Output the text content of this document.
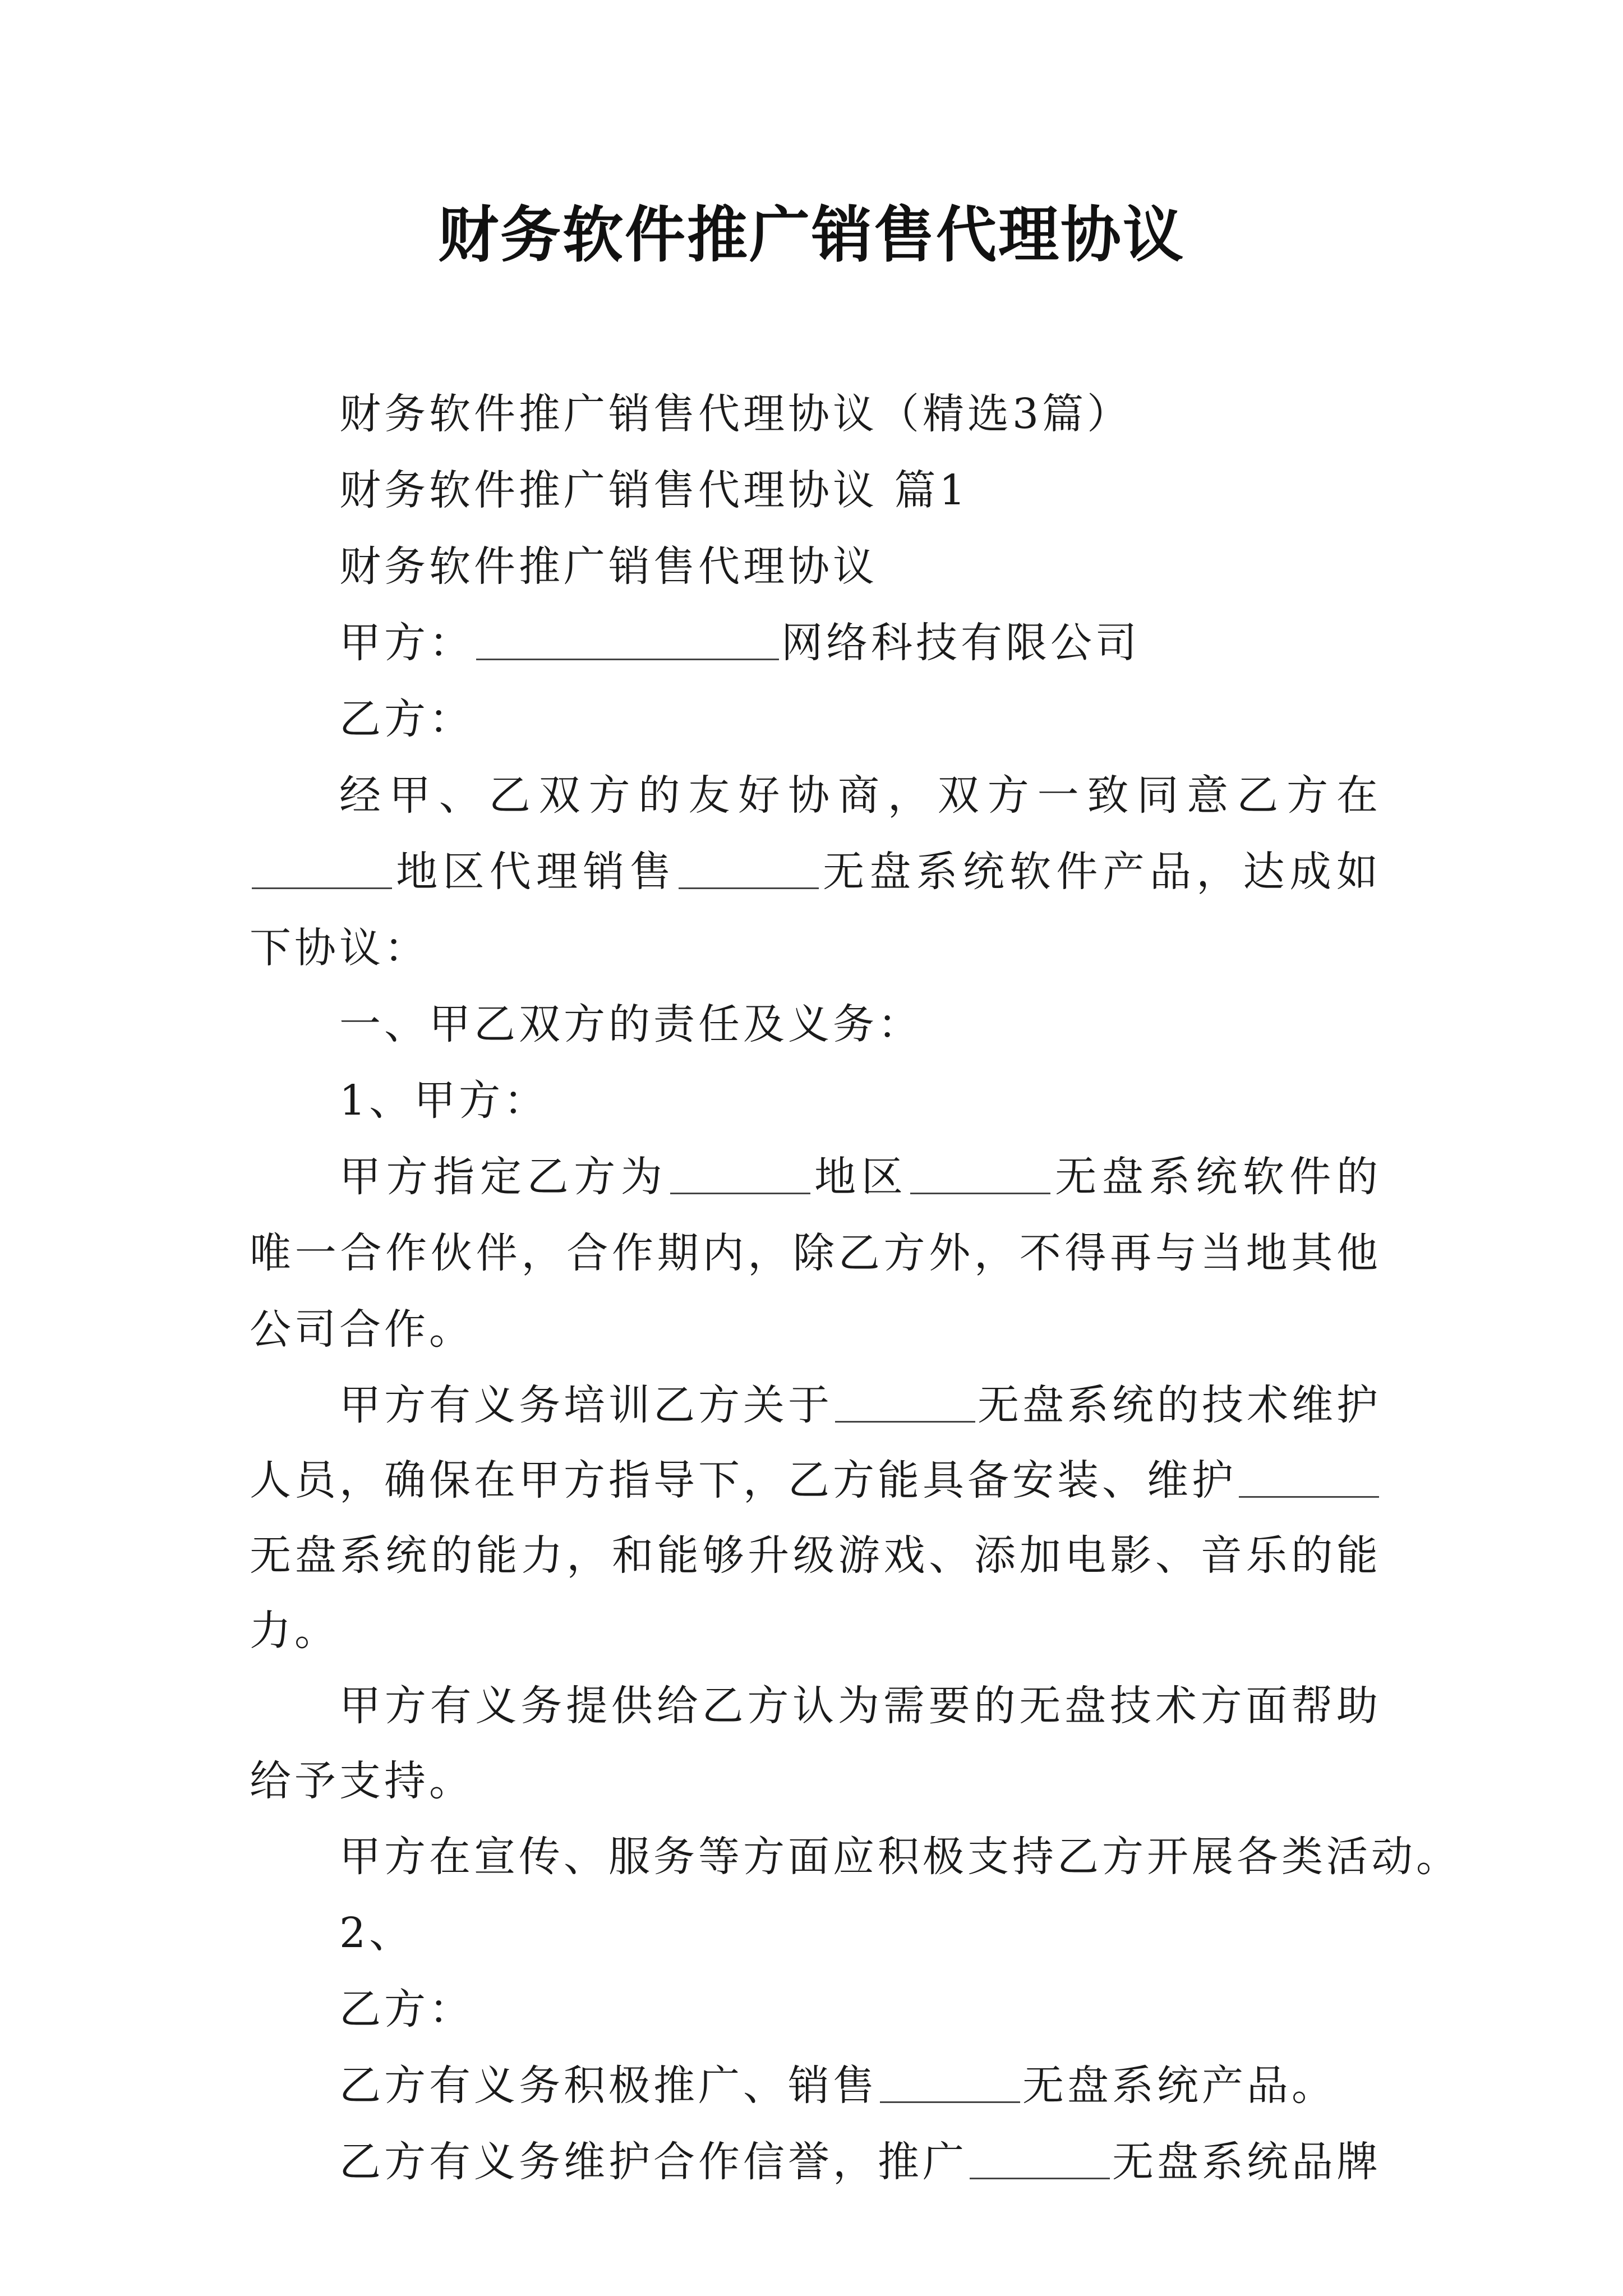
财务软件推广销售代理协议

财务软件推广销售代理协议（精选3篇）

财务软件推广销售代理协议 篇1

财务软件推广销售代理协议

甲方：	网络科技有限公司

乙方：

经甲、乙双方的友好协商，双方一致同意乙方在地区代理销售	无盘系统软件产品，达成如下协议：

一、甲乙双方的责任及义务：

1、甲方：

甲方指定乙方为	地区	无盘系统软件的唯一合作伙伴，合作期内，除乙方外，不得再与当地其他公司合作。

甲方有义务培训乙方关于	无盘系统的技术维护人员，确保在甲方指导下，乙方能具备安装、维护无盘系统的能力，和能够升级游戏、添加电影、音乐的能力。

甲方有义务提供给乙方认为需要的无盘技术方面帮助给予支持。

甲方在宣传、服务等方面应积极支持乙方开展各类活动。

2、

乙方：

乙方有义务积极推广、销售	无盘系统产品。

乙方有义务维护合作信誉，推广	无盘系统品牌
